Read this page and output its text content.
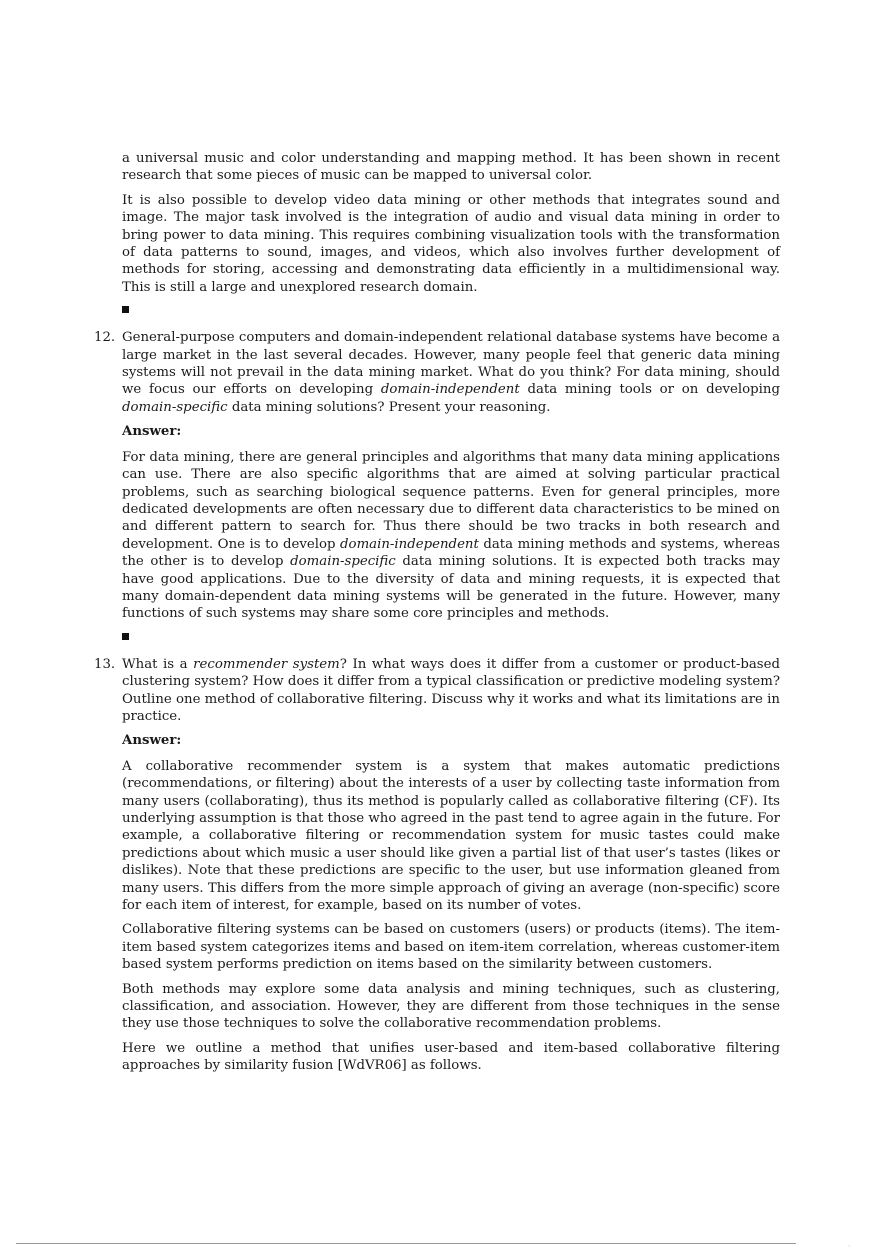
a universal music and color understanding and mapping method. It has been shown in recent research that some pieces of music can be mapped to universal color.

It is also possible to develop video data mining or other methods that integrates sound and image. The major task involved is the integration of audio and visual data mining in order to bring power to data mining. This requires combining visualization tools with the transformation of data patterns to sound, images, and videos, which also involves further development of methods for storing, accessing and demonstrating data efficiently in a multidimensional way. This is still a large and unexplored research domain.

12. General-purpose computers and domain-independent relational database systems have become a large market in the last several decades. However, many people feel that generic data mining systems will not prevail in the data mining market. What do you think? For data mining, should we focus our efforts on developing domain-independent data mining tools or on developing domain-specific data mining solutions? Present your reasoning.

Answer:

For data mining, there are general principles and algorithms that many data mining applications can use. There are also specific algorithms that are aimed at solving particular practical problems, such as searching biological sequence patterns. Even for general principles, more dedicated developments are often necessary due to different data characteristics to be mined on and different pattern to search for. Thus there should be two tracks in both research and development. One is to develop domain-independent data mining methods and systems, whereas the other is to develop domain-specific data mining solutions. It is expected both tracks may have good applications. Due to the diversity of data and mining requests, it is expected that many domain-dependent data mining systems will be generated in the future. However, many functions of such systems may share some core principles and methods.

13. What is a recommender system? In what ways does it differ from a customer or product-based clustering system? How does it differ from a typical classification or predictive modeling system? Outline one method of collaborative filtering. Discuss why it works and what its limitations are in practice.

Answer:

A collaborative recommender system is a system that makes automatic predictions (recommendations, or filtering) about the interests of a user by collecting taste information from many users (collaborating), thus its method is popularly called as collaborative filtering (CF). Its underlying assumption is that those who agreed in the past tend to agree again in the future. For example, a collaborative filtering or recommendation system for music tastes could make predictions about which music a user should like given a partial list of that user’s tastes (likes or dislikes). Note that these predictions are specific to the user, but use information gleaned from many users. This differs from the more simple approach of giving an average (non-specific) score for each item of interest, for example, based on its number of votes.

Collaborative filtering systems can be based on customers (users) or products (items). The item-item based system categorizes items and based on item-item correlation, whereas customer-item based system performs prediction on items based on the similarity between customers.

Both methods may explore some data analysis and mining techniques, such as clustering, classification, and association. However, they are different from those techniques in the sense they use those techniques to solve the collaborative recommendation problems.

Here we outline a method that unifies user-based and item-based collaborative filtering approaches by similarity fusion [WdVR06] as follows.

·
